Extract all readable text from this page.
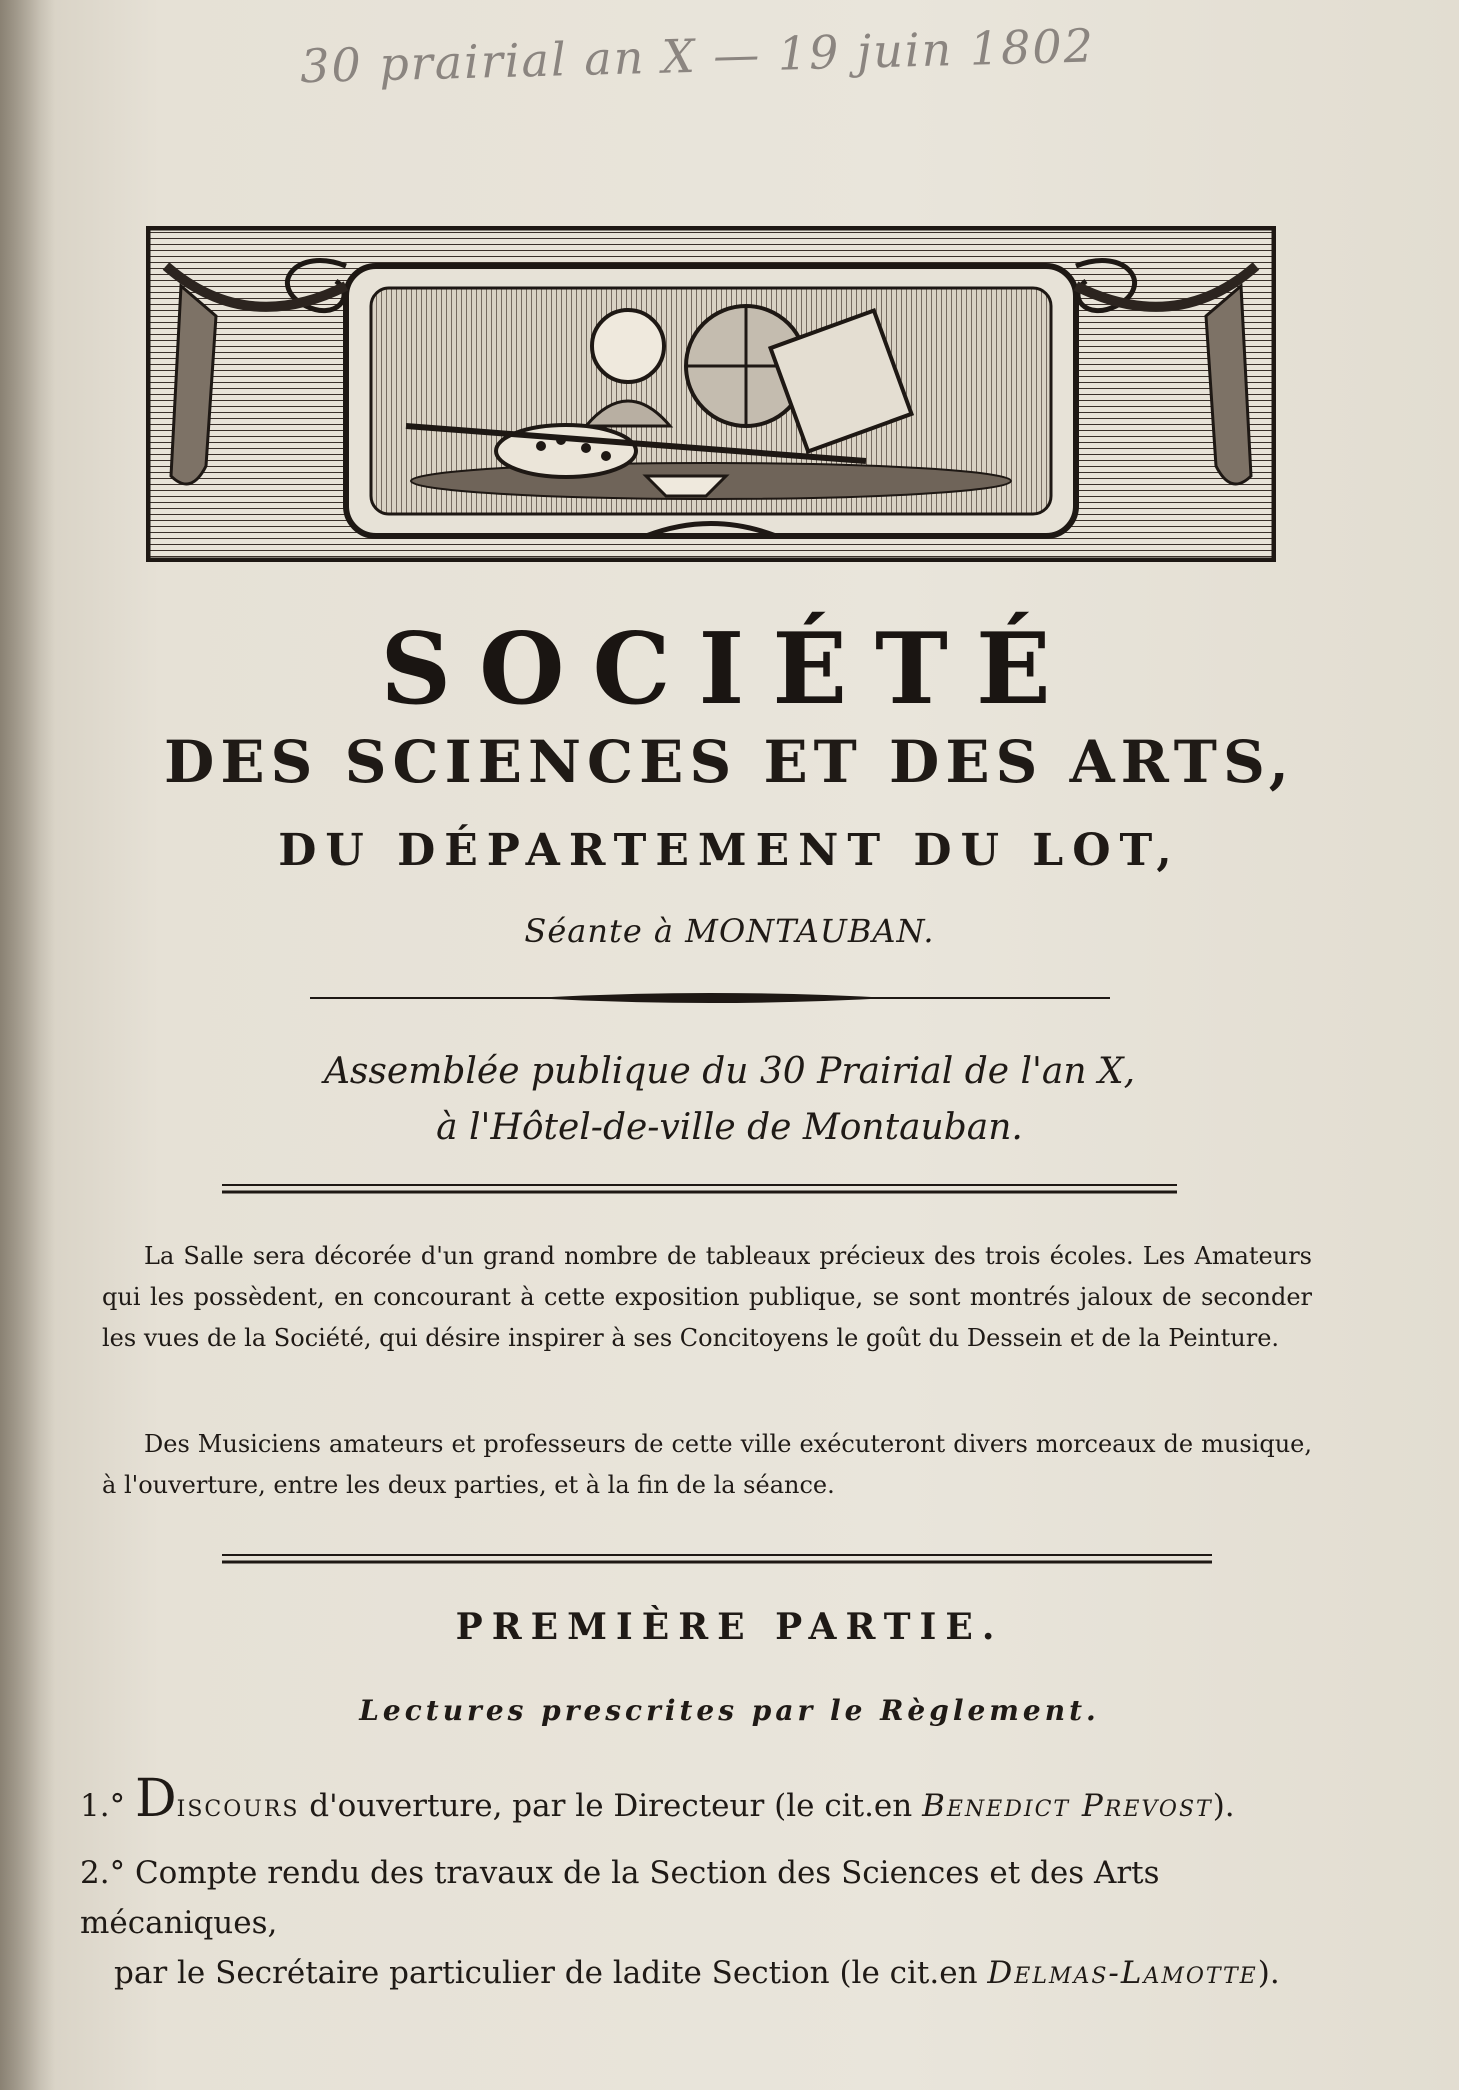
30 prairial an X — 19 juin 1802
SOCIÉTÉ
DES SCIENCES ET DES ARTS,
DU DÉPARTEMENT DU LOT,
Séante à MONTAUBAN.
Assemblée publique du 30 Prairial de l'an X,
à l'Hôtel-de-ville de Montauban.
La Salle sera décorée d'un grand nombre de tableaux précieux des trois écoles. Les Amateurs qui les possèdent, en concourant à cette exposition publique, se sont montrés jaloux de seconder les vues de la Société, qui désire inspirer à ses Concitoyens le goût du Dessein et de la Peinture.
Des Musiciens amateurs et professeurs de cette ville exécuteront divers morceaux de musique, à l'ouverture, entre les deux parties, et à la fin de la séance.
PREMIÈRE PARTIE.
Lectures prescrites par le Règlement.
1.° Discours d'ouverture, par le Directeur (le cit.en Benedict Prevost).
2.° Compte rendu des travaux de la Section des Sciences et des Arts mécaniques,
par le Secrétaire particulier de ladite Section (le cit.en Delmas-Lamotte).
